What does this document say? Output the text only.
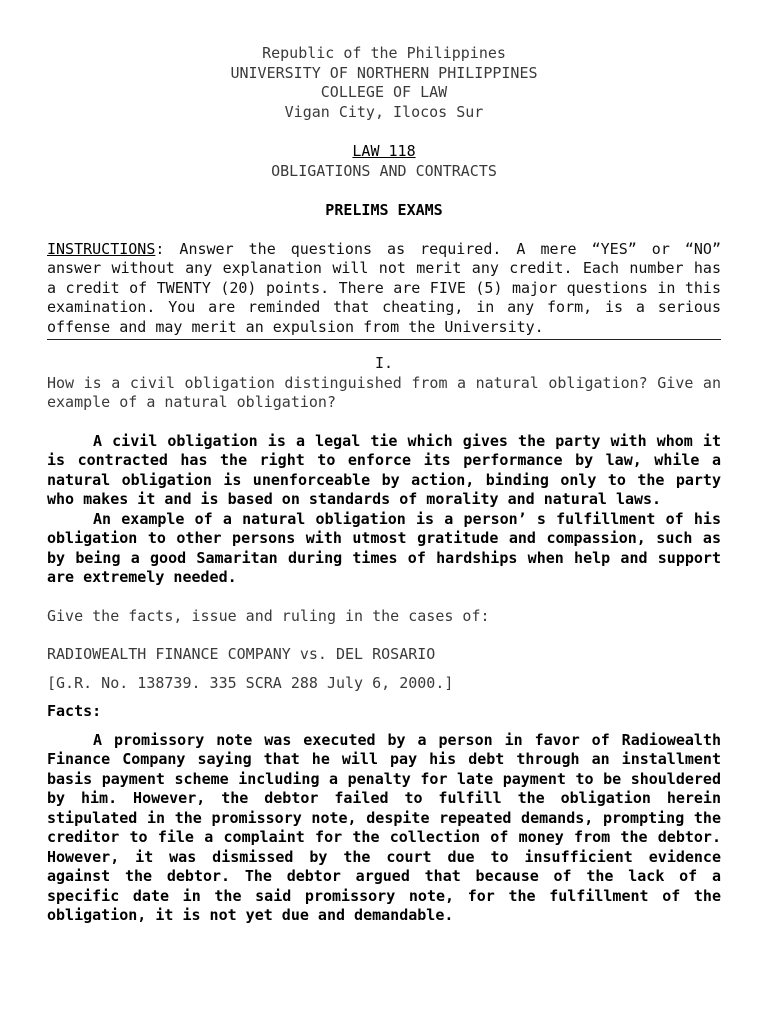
Republic of the Philippines

UNIVERSITY OF NORTHERN PHILIPPINES

COLLEGE OF LAW

Vigan City, Ilocos Sur

LAW 118

OBLIGATIONS AND CONTRACTS

PRELIMS EXAMS

INSTRUCTIONS: Answer the questions as required. A mere “YES” or “NO” answer without any explanation will not merit any credit. Each number has a credit of TWENTY (20) points. There are FIVE (5) major questions in this examination. You are reminded that cheating, in any form, is a serious offense and may merit an expulsion from the University.

I.

How is a civil obligation distinguished from a natural obligation? Give an example of a natural obligation?

A civil obligation is a legal tie which gives the party with whom it is contracted has the right to enforce its performance by law, while a natural obligation is unenforceable by action, binding only to the party who makes it and is based on standards of morality and natural laws.

An example of a natural obligation is a person’ s fulfillment of his obligation to other persons with utmost gratitude and compassion, such as by being a good Samaritan during times of hardships when help and support are extremely needed.

Give the facts, issue and ruling in the cases of:

RADIOWEALTH FINANCE COMPANY vs. DEL ROSARIO

[G.R. No. 138739. 335 SCRA 288 July 6, 2000.]

Facts:

A promissory note was executed by a person in favor of Radiowealth Finance Company saying that he will pay his debt through an installment basis payment scheme including a penalty for late payment to be shouldered by him. However, the debtor failed to fulfill the obligation herein stipulated in the promissory note, despite repeated demands, prompting the creditor to file a complaint for the collection of money from the debtor. However, it was dismissed by the court due to insufficient evidence against the debtor. The debtor argued that because of the lack of a specific date in the said promissory note, for the fulfillment of the obligation, it is not yet due and demandable.
